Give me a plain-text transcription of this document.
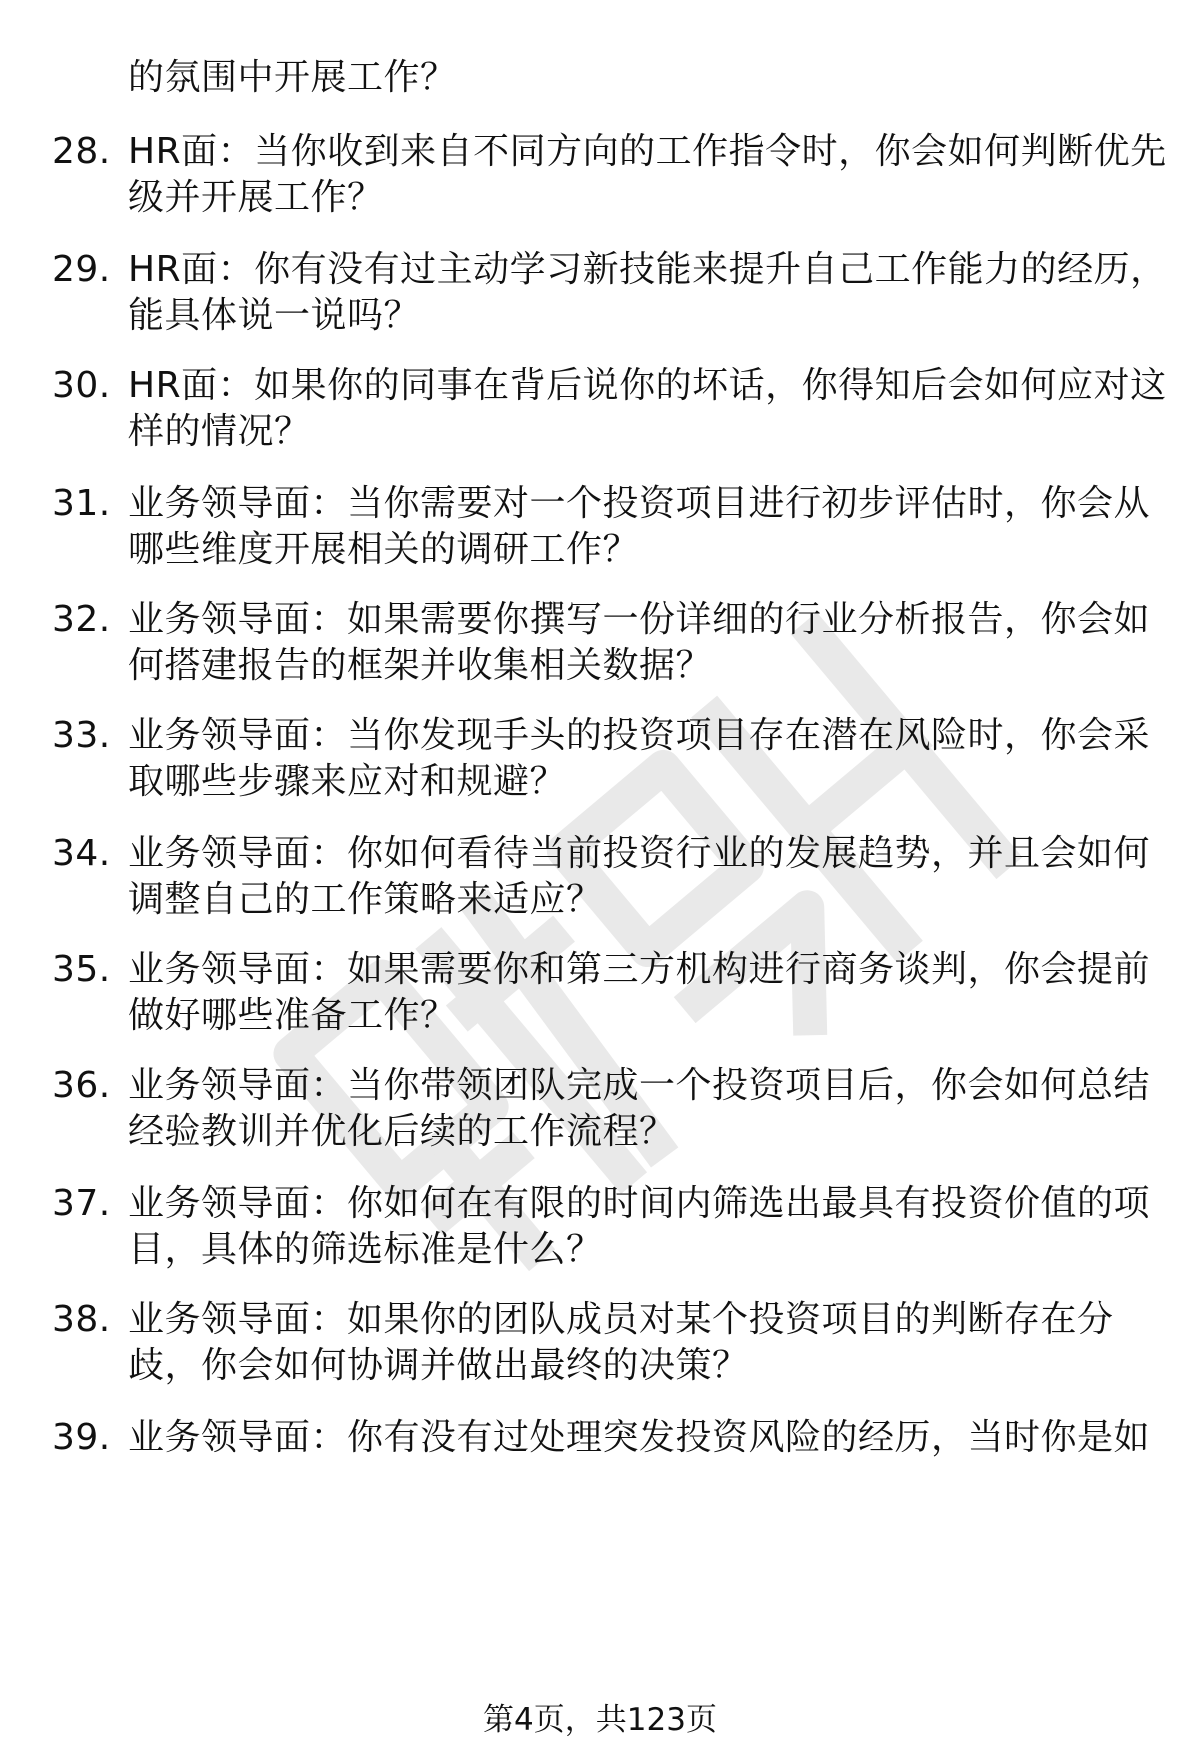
的氛围中开展工作？
28. HR面：当你收到来自不同方向的工作指令时，你会如何判断优先
级并开展工作？
29. HR面：你有没有过主动学习新技能来提升自己工作能力的经历，
能具体说一说吗？
30. HR面：如果你的同事在背后说你的坏话，你得知后会如何应对这
样的情况？
31. 业务领导面：当你需要对一个投资项目进行初步评估时，你会从
哪些维度开展相关的调研工作？
32. 业务领导面：如果需要你撰写一份详细的行业分析报告，你会如
何搭建报告的框架并收集相关数据？
33. 业务领导面：当你发现手头的投资项目存在潜在风险时，你会采
取哪些步骤来应对和规避？
34. 业务领导面：你如何看待当前投资行业的发展趋势，并且会如何
调整自己的工作策略来适应？
35. 业务领导面：如果需要你和第三方机构进行商务谈判，你会提前
做好哪些准备工作？
36. 业务领导面：当你带领团队完成一个投资项目后，你会如何总结
经验教训并优化后续的工作流程？
37. 业务领导面：你如何在有限的时间内筛选出最具有投资价值的项
目，具体的筛选标准是什么？
38. 业务领导面：如果你的团队成员对某个投资项目的判断存在分
歧，你会如何协调并做出最终的决策？
39. 业务领导面：你有没有过处理突发投资风险的经历，当时你是如
第4页，共123页
